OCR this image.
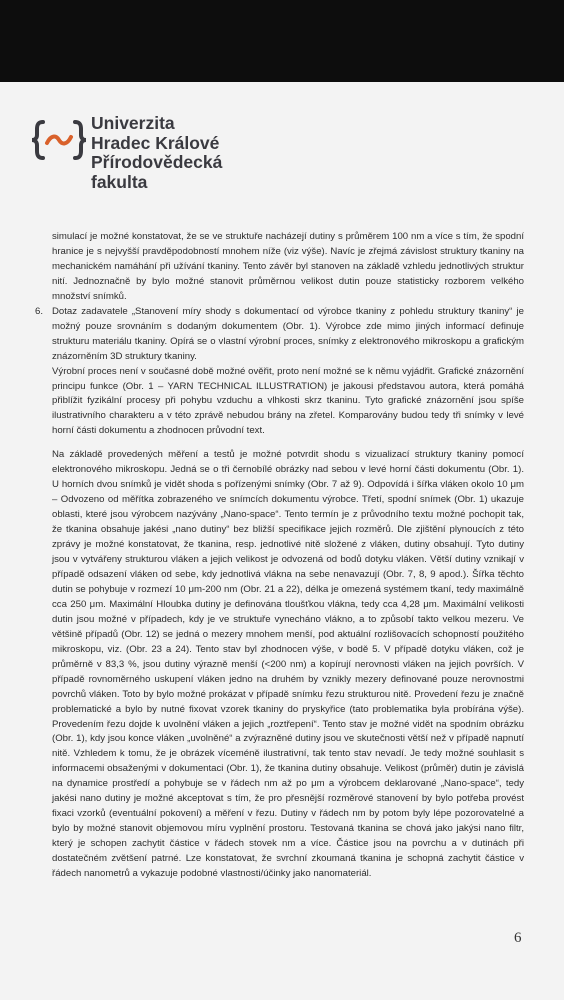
Univerzita
Hradec Králové
Přírodovědecká
fakulta

simulací je možné konstatovat, že se ve struktuře nacházejí dutiny s průměrem 100 nm a více s tím, že spodní hranice je s nejvyšší pravděpodobností mnohem níže (viz výše). Navíc je zřejmá závislost struktury tkaniny na mechanickém namáhání při užívání tkaniny. Tento závěr byl stanoven na základě vzhledu jednotlivých struktur nití. Jednoznačně by bylo možné stanovit průměrnou velikost dutin pouze statisticky rozborem velkého množství snímků.

6. Dotaz zadavatele „Stanovení míry shody s dokumentací od výrobce tkaniny z pohledu struktury tkaniny“ je možný pouze srovnáním s dodaným dokumentem (Obr. 1). Výrobce zde mimo jiných informací definuje strukturu materiálu tkaniny. Opírá se o vlastní výrobní proces, snímky z elektronového mikroskopu a grafickým znázorněním 3D struktury tkaniny.

Výrobní proces není v současné době možné ověřit, proto není možné se k němu vyjádřit. Grafické znázornění principu funkce (Obr. 1 – YARN TECHNICAL ILLUSTRATION) je jakousi představou autora, která pomáhá přiblížit fyzikální procesy při pohybu vzduchu a vlhkosti skrz tkaninu. Tyto grafické znázornění jsou spíše ilustrativního charakteru a v této zprávě nebudou brány na zřetel. Komparovány budou tedy tři snímky v levé horní části dokumentu a zhodnocen průvodní text.

Na základě provedených měření a testů je možné potvrdit shodu s vizualizací struktury tkaniny pomocí elektronového mikroskopu. Jedná se o tři černobílé obrázky nad sebou v levé horní části dokumentu (Obr. 1). U horních dvou snímků je vidět shoda s pořízenými snímky (Obr. 7 až 9). Odpovídá i šířka vláken okolo 10 μm – Odvozeno od měřítka zobrazeného ve snímcích dokumentu výrobce. Třetí, spodní snímek (Obr. 1) ukazuje oblasti, které jsou výrobcem nazývány „Nano-space“. Tento termín je z průvodního textu možné pochopit tak, že tkanina obsahuje jakési „nano dutiny“ bez bližší specifikace jejich rozměrů. Dle zjištění plynoucích z této zprávy je možné konstatovat, že tkanina, resp. jednotlivé nitě složené z vláken, dutiny obsahují. Tyto dutiny jsou v vytvářeny strukturou vláken a jejich velikost je odvozená od bodů dotyku vláken. Větší dutiny vznikají v případě odsazení vláken od sebe, kdy jednotlivá vlákna na sebe nenavazují (Obr. 7, 8, 9 apod.). Šířka těchto dutin se pohybuje v rozmezí 10 μm-200 nm (Obr. 21 a 22), délka je omezená systémem tkaní, tedy maximálně cca 250 μm. Maximální Hloubka dutiny je definována tloušťkou vlákna, tedy cca 4,28 μm. Maximální velikosti dutin jsou možné v případech, kdy je ve struktuře vynecháno vlákno, a to způsobí takto velkou mezeru. Ve většině případů (Obr. 12) se jedná o mezery mnohem menší, pod aktuální rozlišovacích schopností použitého mikroskopu, viz. (Obr. 23 a 24). Tento stav byl zhodnocen výše, v bodě 5. V případě dotyku vláken, což je průměrně v 83,3 %, jsou dutiny výrazně menší (<200 nm) a kopírují nerovnosti vláken na jejich površích. V případě rovnoměrného uskupení vláken jedno na druhém by vznikly mezery definované pouze nerovnostmi povrchů vláken. Toto by bylo možné prokázat v případě snímku řezu strukturou nitě. Provedení řezu je značně problematické a bylo by nutné fixovat vzorek tkaniny do pryskyřice (tato problematika byla probírána výše). Provedením řezu dojde k uvolnění vláken a jejich „roztřepení“. Tento stav je možné vidět na spodním obrázku (Obr. 1), kdy jsou konce vláken „uvolněné“ a zvýrazněné dutiny jsou ve skutečnosti větší než v případě napnutí nitě. Vzhledem k tomu, že je obrázek víceméně ilustrativní, tak tento stav nevadí. Je tedy možné souhlasit s informacemi obsaženými v dokumentaci (Obr. 1), že tkanina dutiny obsahuje. Velikost (průměr) dutin je závislá na dynamice prostředí a pohybuje se v řádech nm až po μm a výrobcem deklarované „Nano-space“, tedy jakési nano dutiny je možné akceptovat s tím, že pro přesnější rozměrové stanovení by bylo potřeba provést fixaci vzorků (eventuální pokovení) a měření v řezu. Dutiny v řádech nm by potom byly lépe pozorovatelné a bylo by možné stanovit objemovou míru vyplnění prostoru. Testovaná tkanina se chová jako jakýsi nano filtr, který je schopen zachytit částice v řádech stovek nm a více. Částice jsou na povrchu a v dutinách při dostatečném zvětšení patrné. Lze konstatovat, že svrchní zkoumaná tkanina je schopná zachytit částice v řádech nanometrů a vykazuje podobné vlastnosti/účinky jako nanomateriál.

6
